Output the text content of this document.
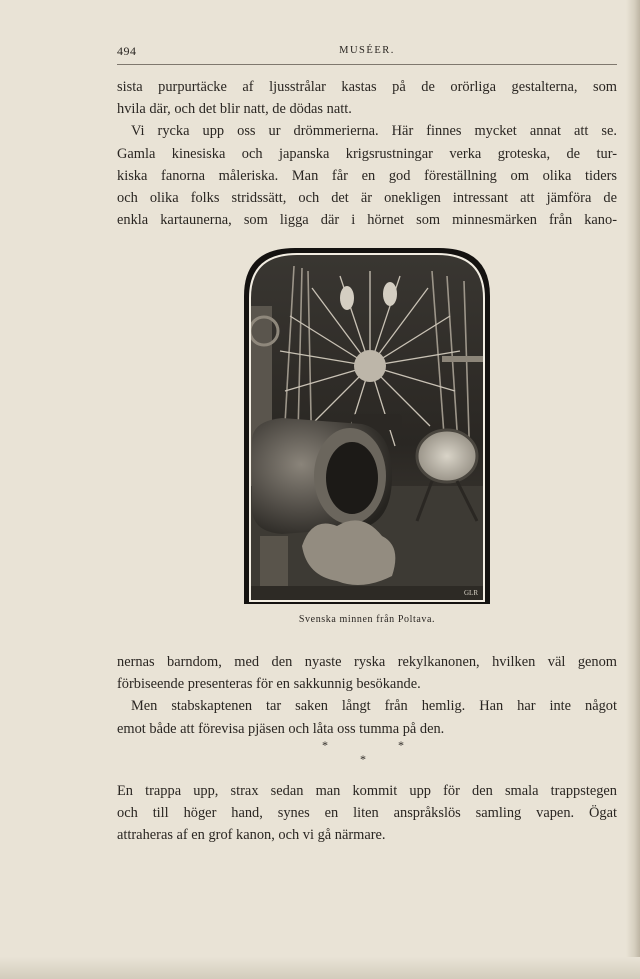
494	MUSÉER.
sista purpurtäcke af ljusstrålar kastas på de orörliga gestalterna, som
hvila där, och det blir natt, de dödas natt.
Vi rycka upp oss ur drömmerierna. Här finnes mycket annat att se.
Gamla kinesiska och japanska krigsrustningar verka groteska, de tur-
kiska fanorna måleriska. Man får en god föreställning om olika tiders
och olika folks stridssätt, och det är onekligen intressant att jämföra de
enkla kartaunerna, som ligga där i hörnet som minnesmärken från kano-
GLR
Svenska minnen från Poltava.
nernas barndom, med den nyaste ryska rekylkanonen, hvilken väl genom
förbiseende presenteras för en sakkunnig besökande.
Men stabskaptenen tar saken långt från hemlig. Han har inte något
emot både att förevisa pjäsen och låta oss tumma på den.
*
*
*
En trappa upp, strax sedan man kommit upp för den smala trappstegen
och till höger hand, synes en liten anspråkslös samling vapen. Ögat
attraheras af en grof kanon, och vi gå närmare.
